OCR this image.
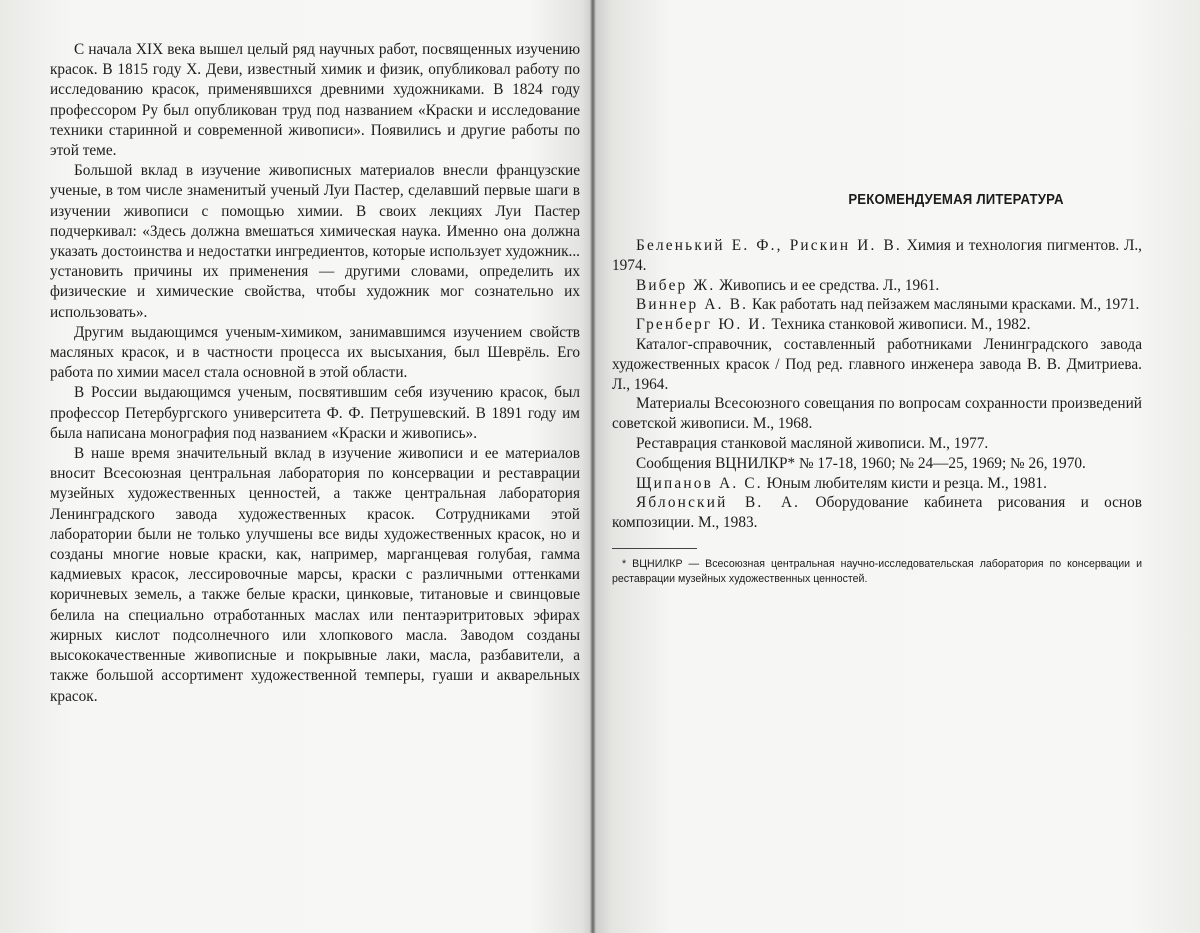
С начала XIX века вышел целый ряд научных работ, посвященных изучению красок. В 1815 году Х. Деви, известный химик и физик, опубликовал работу по исследованию красок, применявшихся древними художниками. В 1824 году профессором Ру был опубликован труд под названием «Краски и исследование техники старинной и современной живописи». Появились и другие работы по этой теме.

Большой вклад в изучение живописных материалов внесли французские ученые, в том числе знаменитый ученый Луи Пастер, сделавший первые шаги в изучении живописи с помощью химии. В своих лекциях Луи Пастер подчеркивал: «Здесь должна вмешаться химическая наука. Именно она должна указать достоинства и недостатки ингредиентов, которые использует художник... установить причины их применения — другими словами, определить их физические и химические свойства, чтобы художник мог сознательно их использовать».

Другим выдающимся ученым-химиком, занимавшимся изучением свойств масляных красок, и в частности процесса их высыхания, был Шеврёль. Его работа по химии масел стала основной в этой области.

В России выдающимся ученым, посвятившим себя изучению красок, был профессор Петербургского университета Ф. Ф. Петрушевский. В 1891 году им была написана монография под названием «Краски и живопись».

В наше время значительный вклад в изучение живописи и ее материалов вносит Всесоюзная центральная лаборатория по консервации и реставрации музейных художественных ценностей, а также центральная лаборатория Ленинградского завода художественных красок. Сотрудниками этой лаборатории были не только улучшены все виды художественных красок, но и созданы многие новые краски, как, например, марганцевая голубая, гамма кадмиевых красок, лессировочные марсы, краски с различными оттенками коричневых земель, а также белые краски, цинковые, титановые и свинцовые белила на специально отработанных маслах или пентаэритритовых эфирах жирных кислот подсолнечного или хлопкового масла. Заводом созданы высококачественные живописные и покрывные лаки, масла, разбавители, а также большой ассортимент художественной темперы, гуаши и акварельных красок.

РЕКОМЕНДУЕМАЯ ЛИТЕРАТУРА

Беленький Е. Ф., Рискин И. В. Химия и технология пигментов. Л., 1974.

Вибер Ж. Живопись и ее средства. Л., 1961.

Виннер А. В. Как работать над пейзажем масляными красками. М., 1971.

Гренберг Ю. И. Техника станковой живописи. М., 1982.

Каталог-справочник, составленный работниками Ленинградского завода художественных красок / Под ред. главного инженера завода В. В. Дмитриева. Л., 1964.

Материалы Всесоюзного совещания по вопросам сохранности произведений советской живописи. М., 1968.

Реставрация станковой масляной живописи. М., 1977.

Сообщения ВЦНИЛКР* № 17-18, 1960; № 24—25, 1969; № 26, 1970.

Щипанов А. С. Юным любителям кисти и резца. М., 1981.

Яблонский В. А. Оборудование кабинета рисования и основ композиции. М., 1983.

* ВЦНИЛКР — Всесоюзная центральная научно-исследовательская лаборатория по консервации и реставрации музейных художественных ценностей.
